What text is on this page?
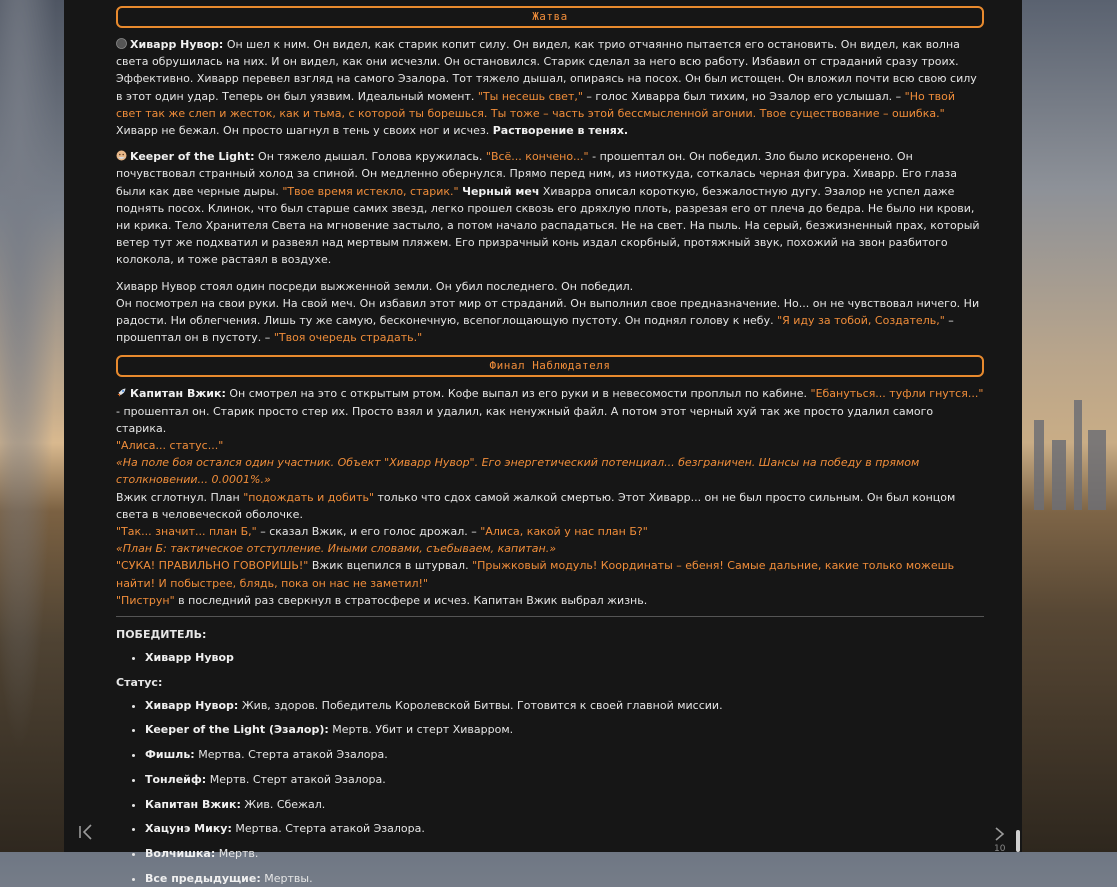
Жатва

Хиварр Нувор: Он шел к ним. Он видел, как старик копит силу. Он видел, как трио отчаянно пытается его остановить. Он видел, как волна света обрушилась на них. И он видел, как они исчезли. Он остановился. Старик сделал за него всю работу. Избавил от страданий сразу троих. Эффективно. Хиварр перевел взгляд на самого Эзалора. Тот тяжело дышал, опираясь на посох. Он был истощен. Он вложил почти всю свою силу в этот один удар. Теперь он был уязвим. Идеальный момент. "Ты несешь свет," – голос Хиварра был тихим, но Эзалор его услышал. – "Но твой свет так же слеп и жесток, как и тьма, с которой ты борешься. Ты тоже – часть этой бессмысленной агонии. Твое существование – ошибка." Хиварр не бежал. Он просто шагнул в тень у своих ног и исчез. Растворение в тенях.

Keeper of the Light: Он тяжело дышал. Голова кружилась. "Всё... кончено..." - прошептал он. Он победил. Зло было искоренено. Он почувствовал странный холод за спиной. Он медленно обернулся. Прямо перед ним, из ниоткуда, соткалась черная фигура. Хиварр. Его глаза были как две черные дыры. "Твое время истекло, старик." Черный меч Хиварра описал короткую, безжалостную дугу. Эзалор не успел даже поднять посох. Клинок, что был старше самих звезд, легко прошел сквозь его дряхлую плоть, разрезая его от плеча до бедра. Не было ни крови, ни крика. Тело Хранителя Света на мгновение застыло, а потом начало распадаться. Не на свет. На пыль. На серый, безжизненный прах, который ветер тут же подхватил и развеял над мертвым пляжем. Его призрачный конь издал скорбный, протяжный звук, похожий на звон разбитого колокола, и тоже растаял в воздухе.

Хиварр Нувор стоял один посреди выжженной земли. Он убил последнего. Он победил.
Он посмотрел на свои руки. На свой меч. Он избавил этот мир от страданий. Он выполнил свое предназначение. Но... он не чувствовал ничего. Ни радости. Ни облегчения. Лишь ту же самую, бесконечную, всепоглощающую пустоту. Он поднял голову к небу. "Я иду за тобой, Создатель," – прошептал он в пустоту. – "Твоя очередь страдать."

Финал Наблюдателя
Капитан Вжик: Он смотрел на это с открытым ртом. Кофе выпал из его руки и в невесомости проплыл по кабине. "Ебануться... туфли гнутся..." - прошептал он. Старик просто стер их. Просто взял и удалил, как ненужный файл. А потом этот черный хуй так же просто удалил самого старика.
"Алиса... статус..."
«На поле боя остался один участник. Объект "Хиварр Нувор". Его энергетический потенциал... безграничен. Шансы на победу в прямом столкновении... 0.0001%.»
Вжик сглотнул. План "подождать и добить" только что сдох самой жалкой смертью. Этот Хиварр... он не был просто сильным. Он был концом света в человеческой оболочке.
"Так... значит... план Б," – сказал Вжик, и его голос дрожал. – "Алиса, какой у нас план Б?"
«План Б: тактическое отступление. Иными словами, съебываем, капитан.»
"СУКА! ПРАВИЛЬНО ГОВОРИШЬ!" Вжик вцепился в штурвал. "Прыжковый модуль! Координаты – ебеня! Самые дальние, какие только можешь найти! И побыстрее, блядь, пока он нас не заметил!"
"Пиструн" в последний раз сверкнул в стратосфере и исчез. Капитан Вжик выбрал жизнь.
ПОБЕДИТЕЛЬ:
• Хиварр Нувор
Статус:
• Хиварр Нувор: Жив, здоров. Победитель Королевской Битвы. Готовится к своей главной миссии.
• Keeper of the Light (Эзалор): Мертв. Убит и стерт Хиварром.
• Фишль: Мертва. Стерта атакой Эзалора.
• Тонлейф: Мертв. Стерт атакой Эзалора.
• Капитан Вжик: Жив. Сбежал.
• Хацунэ Мику: Мертва. Стерта атакой Эзалора.
• Волчишка: Мертв.
• Все предыдущие: Мертвы.
10
